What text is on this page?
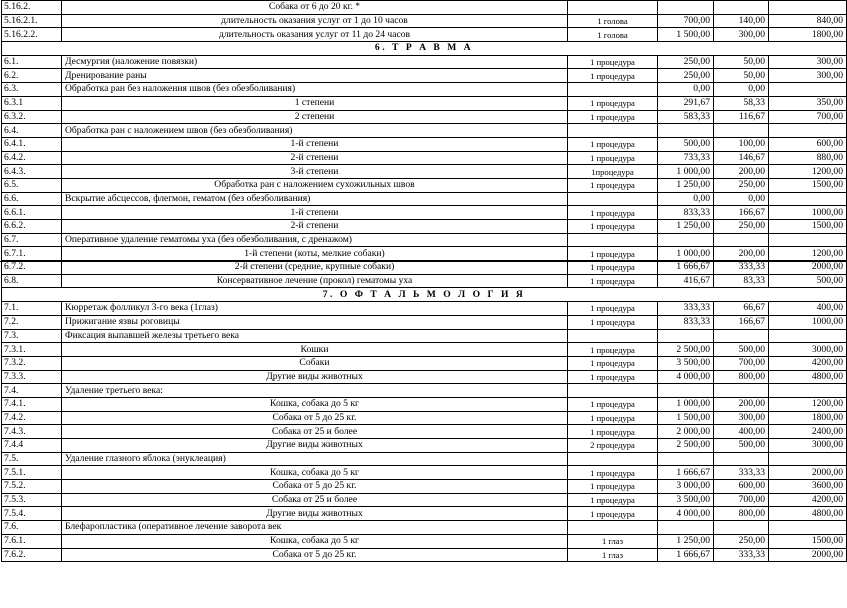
5.16.2.	Собака от 6 до 20 кг. *				
5.16.2.1.	длительность оказания услуг от 1 до 10 часов	1 голова	700,00	140,00	840,00
5.16.2.2.	длительность оказания услуг от 11 до 24 часов	1 голова	1 500,00	300,00	1800,00
6. Т Р А В М А					
6.1.	Десмургия (наложение повязки)	1 процедура	250,00	50,00	300,00
6.2.	Дренирование раны	1 процедура	250,00	50,00	300,00
6.3.	Обработка ран без наложения швов (без обезболивания)		0,00	0,00	
6.3.1	1 степени	1 процедура	291,67	58,33	350,00
6.3.2.	2 степени	1 процедура	583,33	116,67	700,00
6.4.	Обработка ран с наложением швов (без обезболивания)				
6.4.1.	1-й степени	1 процедура	500,00	100,00	600,00
6.4.2.	2-й степени	1 процедура	733,33	146,67	880,00
6.4.3.	3-й степени	1процедура	1 000,00	200,00	1200,00
6.5.	Обработка ран с наложением сухожильных швов	1 процедура	1 250,00	250,00	1500,00
6.6.	Вскрытие абсцессов, флегмон, гематом (без обезболивания)		0,00	0,00	
6.6.1.	1-й степени	1 процедура	833,33	166,67	1000,00
6.6.2.	2-й степени	1 процедура	1 250,00	250,00	1500,00
6.7.	Оперативное удаление гематомы уха (без обезболивания, с дренажом)				
6.7.1.	1-й степени (коты, мелкие собаки)	1 процедура	1 000,00	200,00	1200,00
6.7.2.	2-й степени (средние, крупные собаки)	1 процедура	1 666,67	333,33	2000,00
6.8.	Консервативное лечение (прокол) гематомы уха	1 процедура	416,67	83,33	500,00
7. О Ф Т А Л Ь М О Л О Г И Я					
7.1.	Кюрретаж фолликул 3-го века (1глаз)	1 процедура	333,33	66,67	400,00
7.2.	Прижигание язвы роговицы	1 процедура	833,33	166,67	1000,00
7.3.	Фиксация выпавшей железы третьего века				
7.3.1.	Кошки	1 процедура	2 500,00	500,00	3000,00
7.3.2.	Собаки	1 процедура	3 500,00	700,00	4200,00
7.3.3.	Другие виды животных	1 процедура	4 000,00	800,00	4800,00
7.4.	Удаление третьего века:				
7.4.1.	Кошка, собака до 5 кг	1 процедура	1 000,00	200,00	1200,00
7.4.2.	Собака от 5 до 25 кг.	1 процедура	1 500,00	300,00	1800,00
7.4.3.	Собака от 25 и более	1 процедура	2 000,00	400,00	2400,00
7.4.4	Другие виды животных	2 процедура	2 500,00	500,00	3000,00
7.5.	Удаление глазного яблока (энуклеация)				
7.5.1.	Кошка, собака до 5 кг	1 процедура	1 666,67	333,33	2000,00
7.5.2.	Собака от 5 до 25 кг.	1 процедура	3 000,00	600,00	3600,00
7.5.3.	Собака от 25 и более	1 процедура	3 500,00	700,00	4200,00
7.5.4.	Другие виды животных	1 процедура	4 000,00	800,00	4800,00
7.6.	Блефаропластика (оперативное лечение заворота век				
7.6.1.	Кошка, собака до 5 кг	1 глаз	1 250,00	250,00	1500,00
7.6.2.	Собака от 5 до 25 кг.	1 глаз	1 666,67	333,33	2000,00
